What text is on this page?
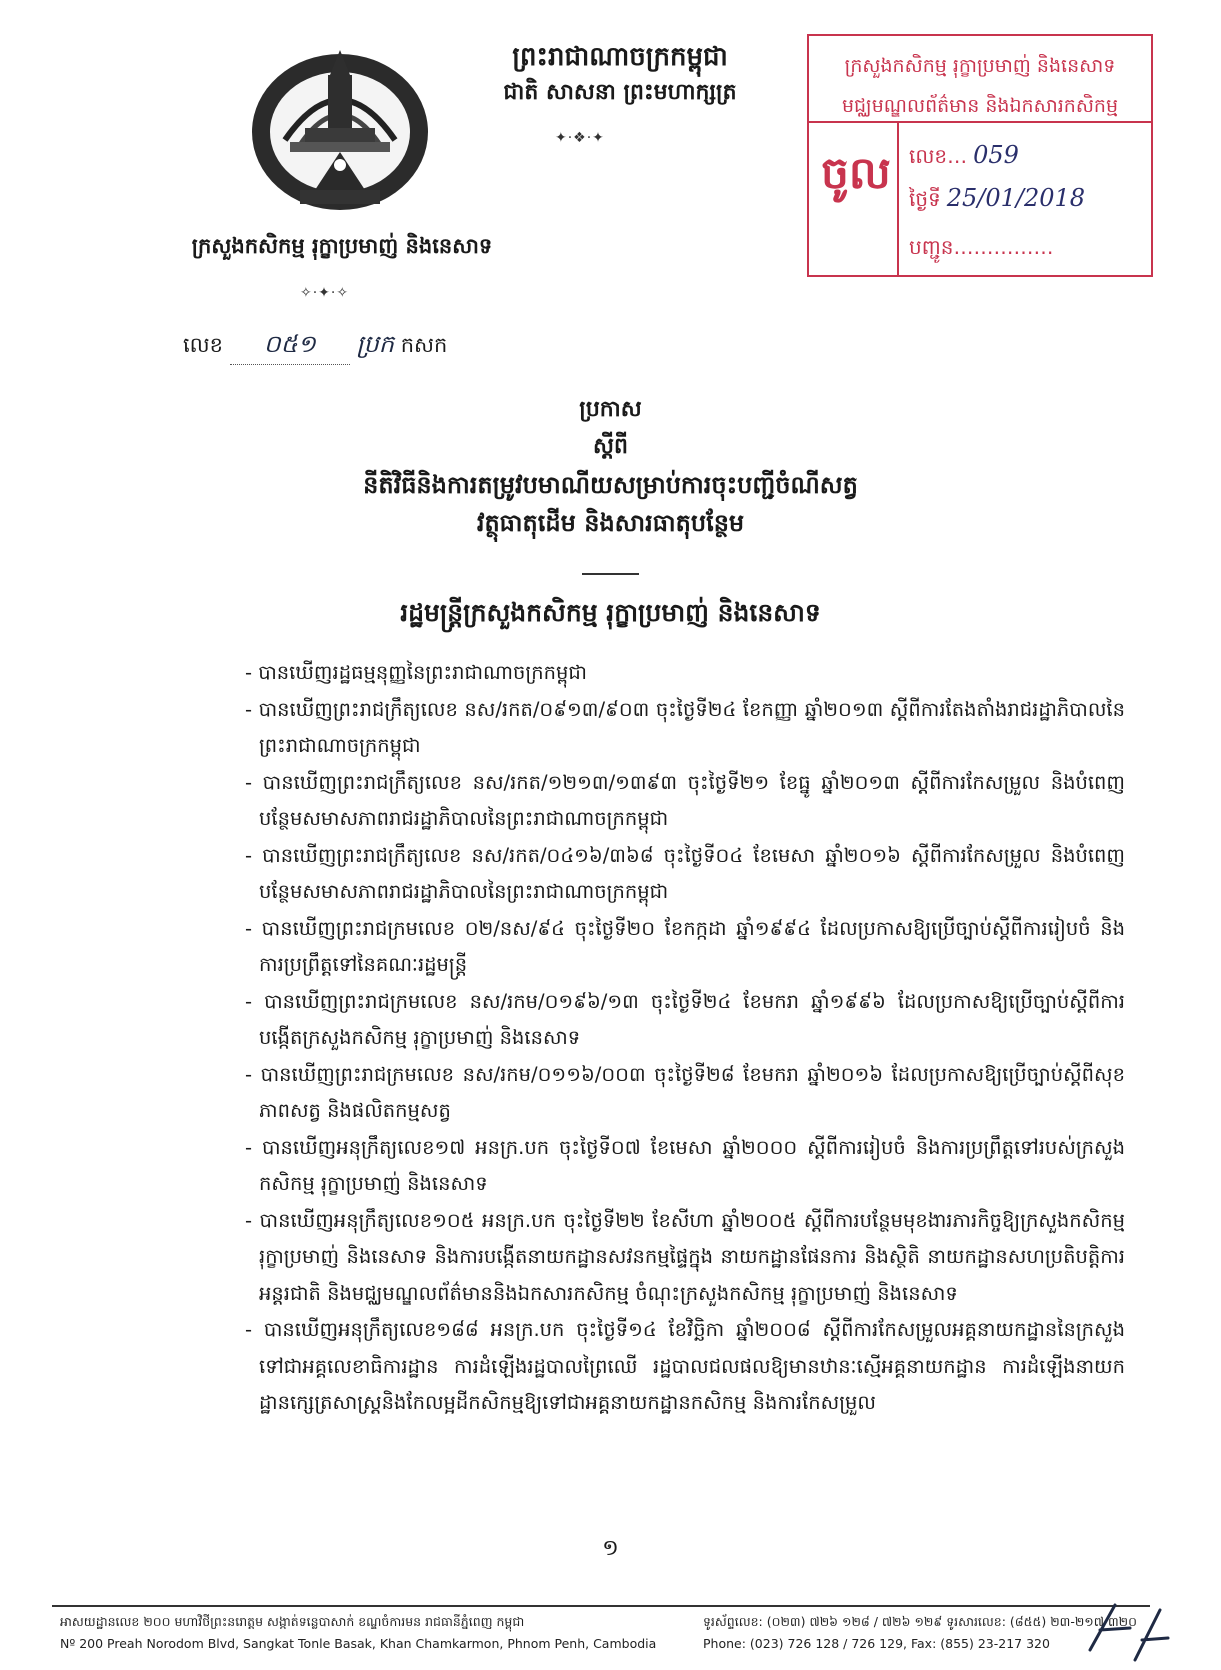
ព្រះរាជាណាចក្រកម្ពុជា
ជាតិ សាសនា ព្រះមហាក្សត្រ
✦·❖·✦
ក្រសួងកសិកម្ម រុក្ខាប្រមាញ់ និងនេសាទ
✧·✦·✧
លេខ ០៥១ ប្រក កសក
ក្រសួងកសិកម្ម រុក្ខាប្រមាញ់ និងនេសាទ
មជ្ឈមណ្ឌលព័ត៌មាន និងឯកសារកសិកម្ម
ចូល លេខ… 059
ថ្ងៃទី 25/01/2018
បញ្ជូន……………
ប្រកាស
ស្ដីពី
នីតិវិធីនិងការតម្រូវបមាណីយសម្រាប់ការចុះបញ្ជីចំណីសត្វ
វត្ថុធាតុដើម និងសារធាតុបន្ថែម
រដ្ឋមន្ត្រីក្រសួងកសិកម្ម រុក្ខាប្រមាញ់ និងនេសាទ
- បានឃើញរដ្ឋធម្មនុញ្ញនៃព្រះរាជាណាចក្រកម្ពុជា
- បានឃើញព្រះរាជក្រឹត្យលេខ នស/រកត/០៩១៣/៩០៣ ចុះថ្ងៃទី២៤ ខែកញ្ញា ឆ្នាំ២០១៣ ស្ដីពីការតែងតាំងរាជរដ្ឋាភិបាលនៃព្រះរាជាណាចក្រកម្ពុជា
- បានឃើញព្រះរាជក្រឹត្យលេខ នស/រកត/១២១៣/១៣៩៣ ចុះថ្ងៃទី២១ ខែធ្នូ ឆ្នាំ២០១៣ ស្ដីពីការកែសម្រួល និងបំពេញបន្ថែមសមាសភាពរាជរដ្ឋាភិបាលនៃព្រះរាជាណាចក្រកម្ពុជា
- បានឃើញព្រះរាជក្រឹត្យលេខ នស/រកត/០៤១៦/៣៦៨ ចុះថ្ងៃទី០៤ ខែមេសា ឆ្នាំ២០១៦ ស្ដីពីការកែសម្រួល និងបំពេញបន្ថែមសមាសភាពរាជរដ្ឋាភិបាលនៃព្រះរាជាណាចក្រកម្ពុជា
- បានឃើញព្រះរាជក្រមលេខ ០២/នស/៩៤ ចុះថ្ងៃទី២០ ខែកក្កដា ឆ្នាំ១៩៩៤ ដែលប្រកាសឱ្យប្រើច្បាប់ស្ដីពីការរៀបចំ និងការប្រព្រឹត្តទៅនៃគណៈរដ្ឋមន្ត្រី
- បានឃើញព្រះរាជក្រមលេខ នស/រកម/០១៩៦/១៣ ចុះថ្ងៃទី២៤ ខែមករា ឆ្នាំ១៩៩៦ ដែលប្រកាសឱ្យប្រើច្បាប់ស្ដីពីការបង្កើតក្រសួងកសិកម្ម រុក្ខាប្រមាញ់ និងនេសាទ
- បានឃើញព្រះរាជក្រមលេខ នស/រកម/០១១៦/០០៣ ចុះថ្ងៃទី២៨ ខែមករា ឆ្នាំ២០១៦ ដែលប្រកាសឱ្យប្រើច្បាប់ស្ដីពីសុខភាពសត្វ និងផលិតកម្មសត្វ
- បានឃើញអនុក្រឹត្យលេខ១៧ អនក្រ.បក ចុះថ្ងៃទី០៧ ខែមេសា ឆ្នាំ២០០០ ស្ដីពីការរៀបចំ និងការប្រព្រឹត្តទៅរបស់ក្រសួងកសិកម្ម រុក្ខាប្រមាញ់ និងនេសាទ
- បានឃើញអនុក្រឹត្យលេខ១០៥ អនក្រ.បក ចុះថ្ងៃទី២២ ខែសីហា ឆ្នាំ២០០៥ ស្ដីពីការបន្ថែមមុខងារភារកិច្ចឱ្យក្រសួងកសិកម្ម រុក្ខាប្រមាញ់ និងនេសាទ និងការបង្កើតនាយកដ្ឋានសវនកម្មផ្ទៃក្នុង នាយកដ្ឋានផែនការ និងស្ថិតិ នាយកដ្ឋានសហប្រតិបត្តិការអន្តរជាតិ និងមជ្ឈមណ្ឌលព័ត៌មាននិងឯកសារកសិកម្ម ចំណុះក្រសួងកសិកម្ម រុក្ខាប្រមាញ់ និងនេសាទ
- បានឃើញអនុក្រឹត្យលេខ១៨៨ អនក្រ.បក ចុះថ្ងៃទី១៤ ខែវិច្ឆិកា ឆ្នាំ២០០៨ ស្ដីពីការកែសម្រួលអគ្គនាយកដ្ឋាននៃក្រសួងទៅជាអគ្គលេខាធិការដ្ឋាន ការដំឡើងរដ្ឋបាលព្រៃឈើ រដ្ឋបាលជលផលឱ្យមានឋានៈស្មើអគ្គនាយកដ្ឋាន ការដំឡើងនាយកដ្ឋានក្សេត្រសាស្ត្រនិងកែលម្អដីកសិកម្មឱ្យទៅជាអគ្គនាយកដ្ឋានកសិកម្ម និងការកែសម្រួល
១
អាសយដ្ឋានលេខ ២០០ មហាវិថីព្រះនរោត្តម សង្កាត់ទន្លេបាសាក់ ខណ្ឌចំការមន រាជធានីភ្នំពេញ កម្ពុជា
Nº 200 Preah Norodom Blvd, Sangkat Tonle Basak, Khan Chamkarmon, Phnom Penh, Cambodia
ទូរស័ព្ទលេខ: (០២៣) ៧២៦ ១២៨ / ៧២៦ ១២៩ ទូរសារលេខ: (៨៥៥) ២៣-២១៧ ៣២០
Phone: (023) 726 128 / 726 129, Fax: (855) 23-217 320
